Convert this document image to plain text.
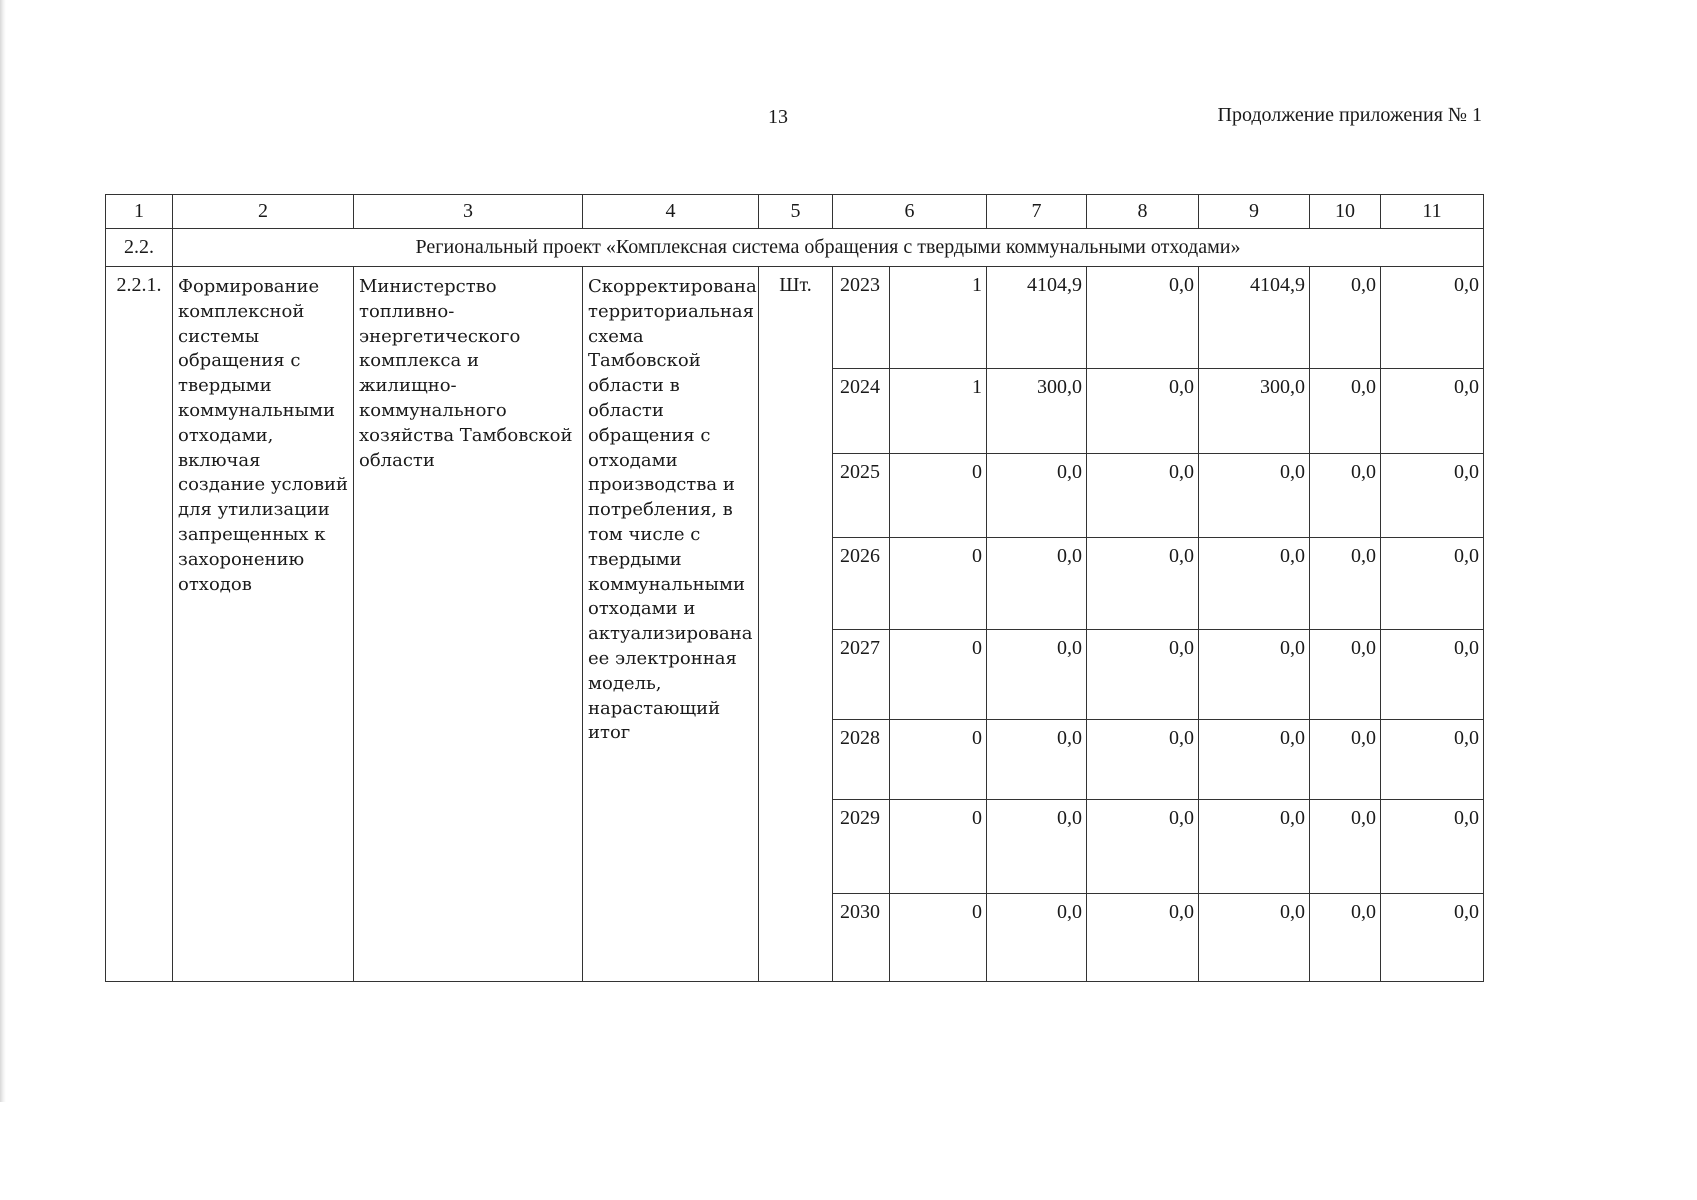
13	Продолжение приложения № 1
1	2	3	4	5	6		7	8	9	10	11
2.2.	Региональный проект «Комплексная система обращения с твердыми коммунальными отходами»										
2.2.1.	Формирование комплексной системы обращения с твердыми коммунальными отходами, включая создание условий для утилизации запрещенных к захоронению отходов	Министерство топливно-энергетического комплекса и жилищно-коммунального хозяйства Тамбовской области	Скорректирована территориальная схема Тамбовской области в области обращения с отходами производства и потребления, в том числе с твердыми коммунальными отходами и актуализирована ее электронная модель, нарастающий итог	Шт.	2023	1	4104,9	0,0	4104,9	0,0	0,0
					2024	1	300,0	0,0	300,0	0,0	0,0
					2025	0	0,0	0,0	0,0	0,0	0,0
					2026	0	0,0	0,0	0,0	0,0	0,0
					2027	0	0,0	0,0	0,0	0,0	0,0
					2028	0	0,0	0,0	0,0	0,0	0,0
					2029	0	0,0	0,0	0,0	0,0	0,0
					2030	0	0,0	0,0	0,0	0,0	0,0
